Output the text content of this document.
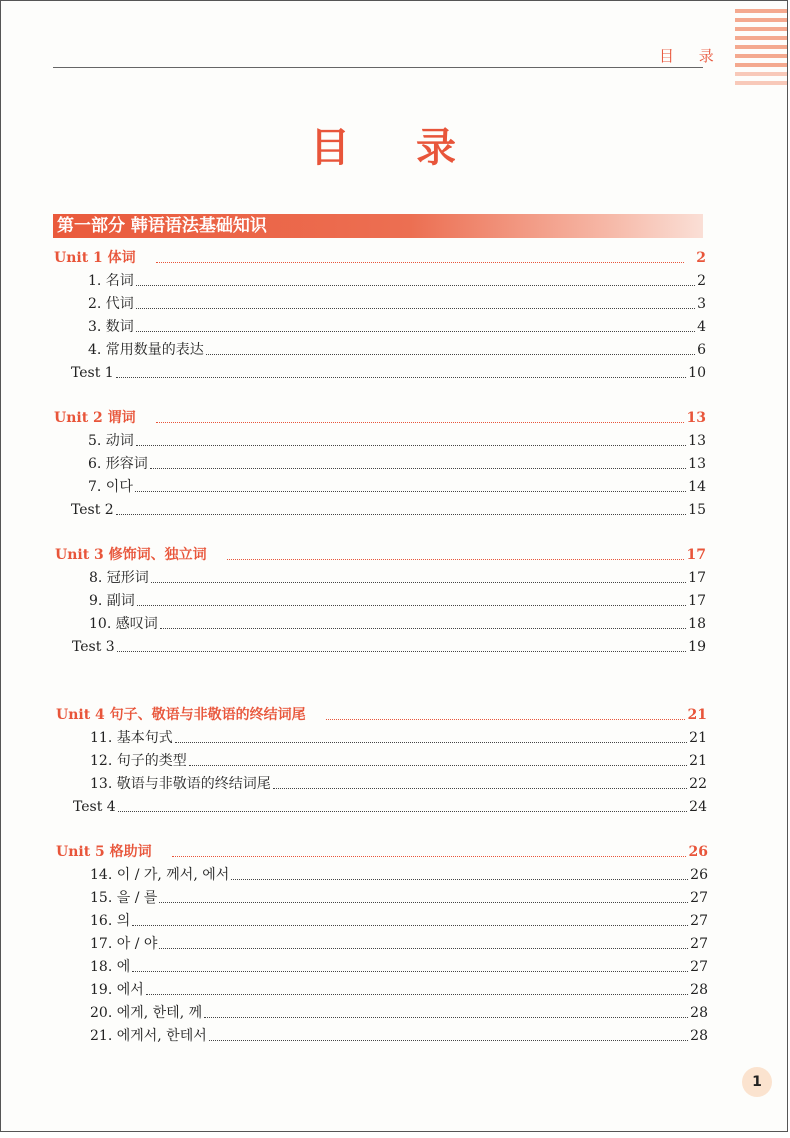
目 录
目 录
第一部分 韩语语法基础知识
Unit 1 体词	2
1. 名词	2
2. 代词	3
3. 数词	4
4. 常用数量的表达	6
Test 1	10
Unit 2 谓词	13
5. 动词	13
6. 形容词	13
7. 이다	14
Test 2	15
Unit 3 修饰词、独立词	17
8. 冠形词	17
9. 副词	17
10. 感叹词	18
Test 3	19
Unit 4 句子、敬语与非敬语的终结词尾	21
11. 基本句式	21
12. 句子的类型	21
13. 敬语与非敬语的终结词尾	22
Test 4	24
Unit 5 格助词	26
14. 이 / 가, 께서, 에서	26
15. 을 / 를	27
16. 의	27
17. 아 / 야	27
18. 에	27
19. 에서	28
20. 에게, 한테, 께	28
21. 에게서, 한테서	28
1
